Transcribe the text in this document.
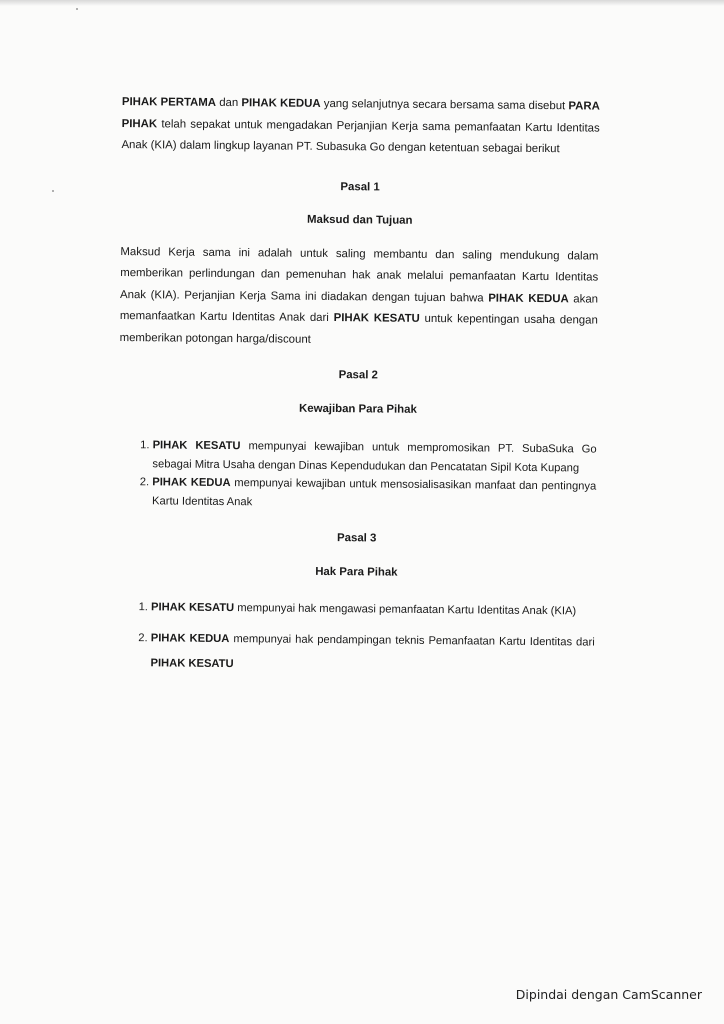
PIHAK PERTAMA dan PIHAK KEDUA yang selanjutnya secara bersama sama disebut PARA PIHAK telah sepakat untuk mengadakan Perjanjian Kerja sama pemanfaatan Kartu Identitas Anak (KIA) dalam lingkup layanan PT. Subasuka Go dengan ketentuan sebagai berikut

Pasal 1

Maksud dan Tujuan

Maksud Kerja sama ini adalah untuk saling membantu dan saling mendukung dalam memberikan perlindungan dan pemenuhan hak anak melalui pemanfaatan Kartu Identitas Anak (KIA). Perjanjian Kerja Sama ini diadakan dengan tujuan bahwa PIHAK KEDUA akan memanfaatkan Kartu Identitas Anak dari PIHAK KESATU untuk kepentingan usaha dengan memberikan potongan harga/discount

Pasal 2

Kewajiban Para Pihak

1. PIHAK KESATU mempunyai kewajiban untuk mempromosikan PT. SubaSuka Go sebagai Mitra Usaha dengan Dinas Kependudukan dan Pencatatan Sipil Kota Kupang
2. PIHAK KEDUA mempunyai kewajiban untuk mensosialisasikan manfaat dan pentingnya Kartu Identitas Anak

Pasal 3

Hak Para Pihak

1. PIHAK KESATU mempunyai hak mengawasi pemanfaatan Kartu Identitas Anak (KIA)
2. PIHAK KEDUA mempunyai hak pendampingan teknis Pemanfaatan Kartu Identitas dari PIHAK KESATU
Dipindai dengan CamScanner
